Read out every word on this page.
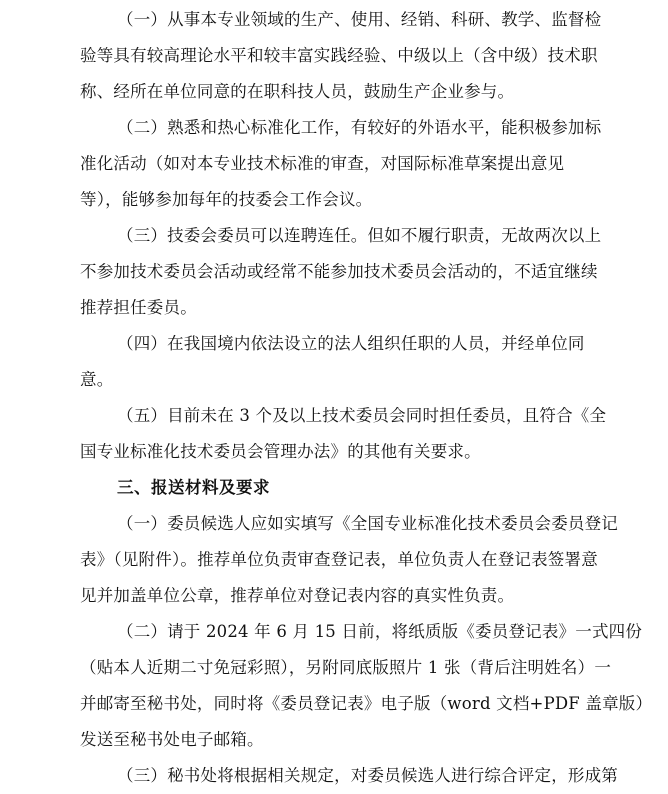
（一）从事本专业领域的生产、使用、经销、科研、教学、监督检
验等具有较高理论水平和较丰富实践经验、中级以上（含中级）技术职
称、经所在单位同意的在职科技人员，鼓励生产企业参与。
（二）熟悉和热心标准化工作，有较好的外语水平，能积极参加标
准化活动（如对本专业技术标准的审查，对国际标准草案提出意见
等），能够参加每年的技委会工作会议。
（三）技委会委员可以连聘连任。但如不履行职责，无故两次以上
不参加技术委员会活动或经常不能参加技术委员会活动的，不适宜继续
推荐担任委员。
（四）在我国境内依法设立的法人组织任职的人员，并经单位同
意。
（五）目前未在 3 个及以上技术委员会同时担任委员，且符合《全
国专业标准化技术委员会管理办法》的其他有关要求。
三、报送材料及要求
（一）委员候选人应如实填写《全国专业标准化技术委员会委员登记
表》（见附件）。推荐单位负责审查登记表，单位负责人在登记表签署意
见并加盖单位公章，推荐单位对登记表内容的真实性负责。
（二）请于 2024 年 6 月 15 日前，将纸质版《委员登记表》一式四份
（贴本人近期二寸免冠彩照），另附同底版照片 1 张（背后注明姓名）一
并邮寄至秘书处，同时将《委员登记表》电子版（word 文档+PDF 盖章版）
发送至秘书处电子邮箱。
（三）秘书处将根据相关规定，对委员候选人进行综合评定，形成第
